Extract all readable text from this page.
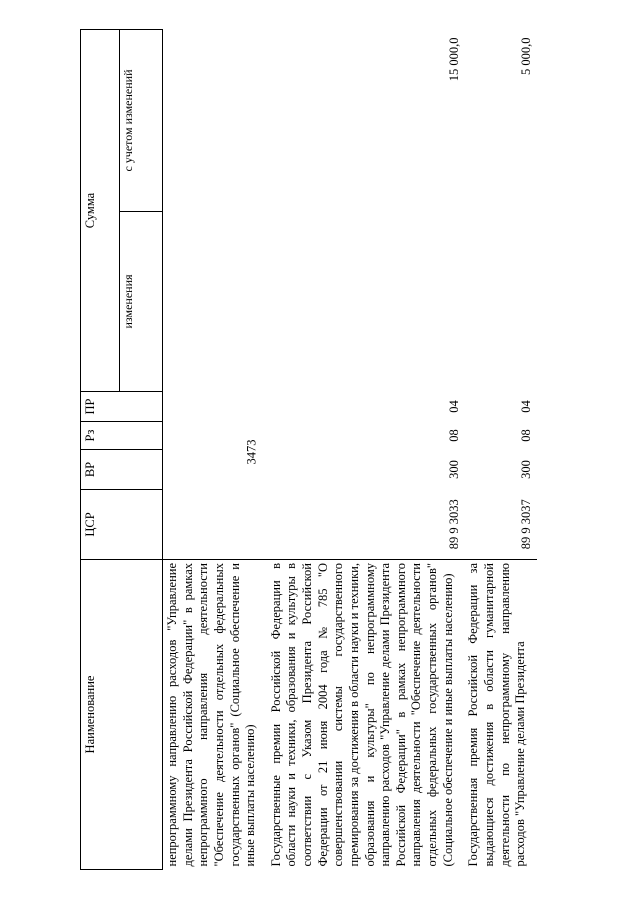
3473
Наименование	ЦСР	ВР	Рз	ПР	Сумма	
					изменения	с учетом изменений
непрограммному направлению расходов "Управление делами Президента Российской Федерации" в рамках непрограммного направления деятельности "Обеспечение деятельности отдельных федеральных государственных органов" (Социальное обеспечение и иные выплаты населению)						
Государственные премии Российской Федерации в области науки и техники, образования и культуры в соответствии с Указом Президента Российской Федерации от 21 июня 2004 года № 785 "О совершенствовании системы государственного премирования за достижения в области науки и техники, образования и культуры" по непрограммному направлению расходов "Управление делами Президента Российской Федерации" в рамках непрограммного направления деятельности "Обеспечение деятельности отдельных федеральных государственных органов" (Социальное обеспечение и иные выплаты населению)	89 9 3033	300	08	04		15 000,0
Государственная премия Российской Федерации за выдающиеся достижения в области гуманитарной деятельности по непрограммному направлению расходов "Управление делами Президента	89 9 3037	300	08	04		5 000,0
